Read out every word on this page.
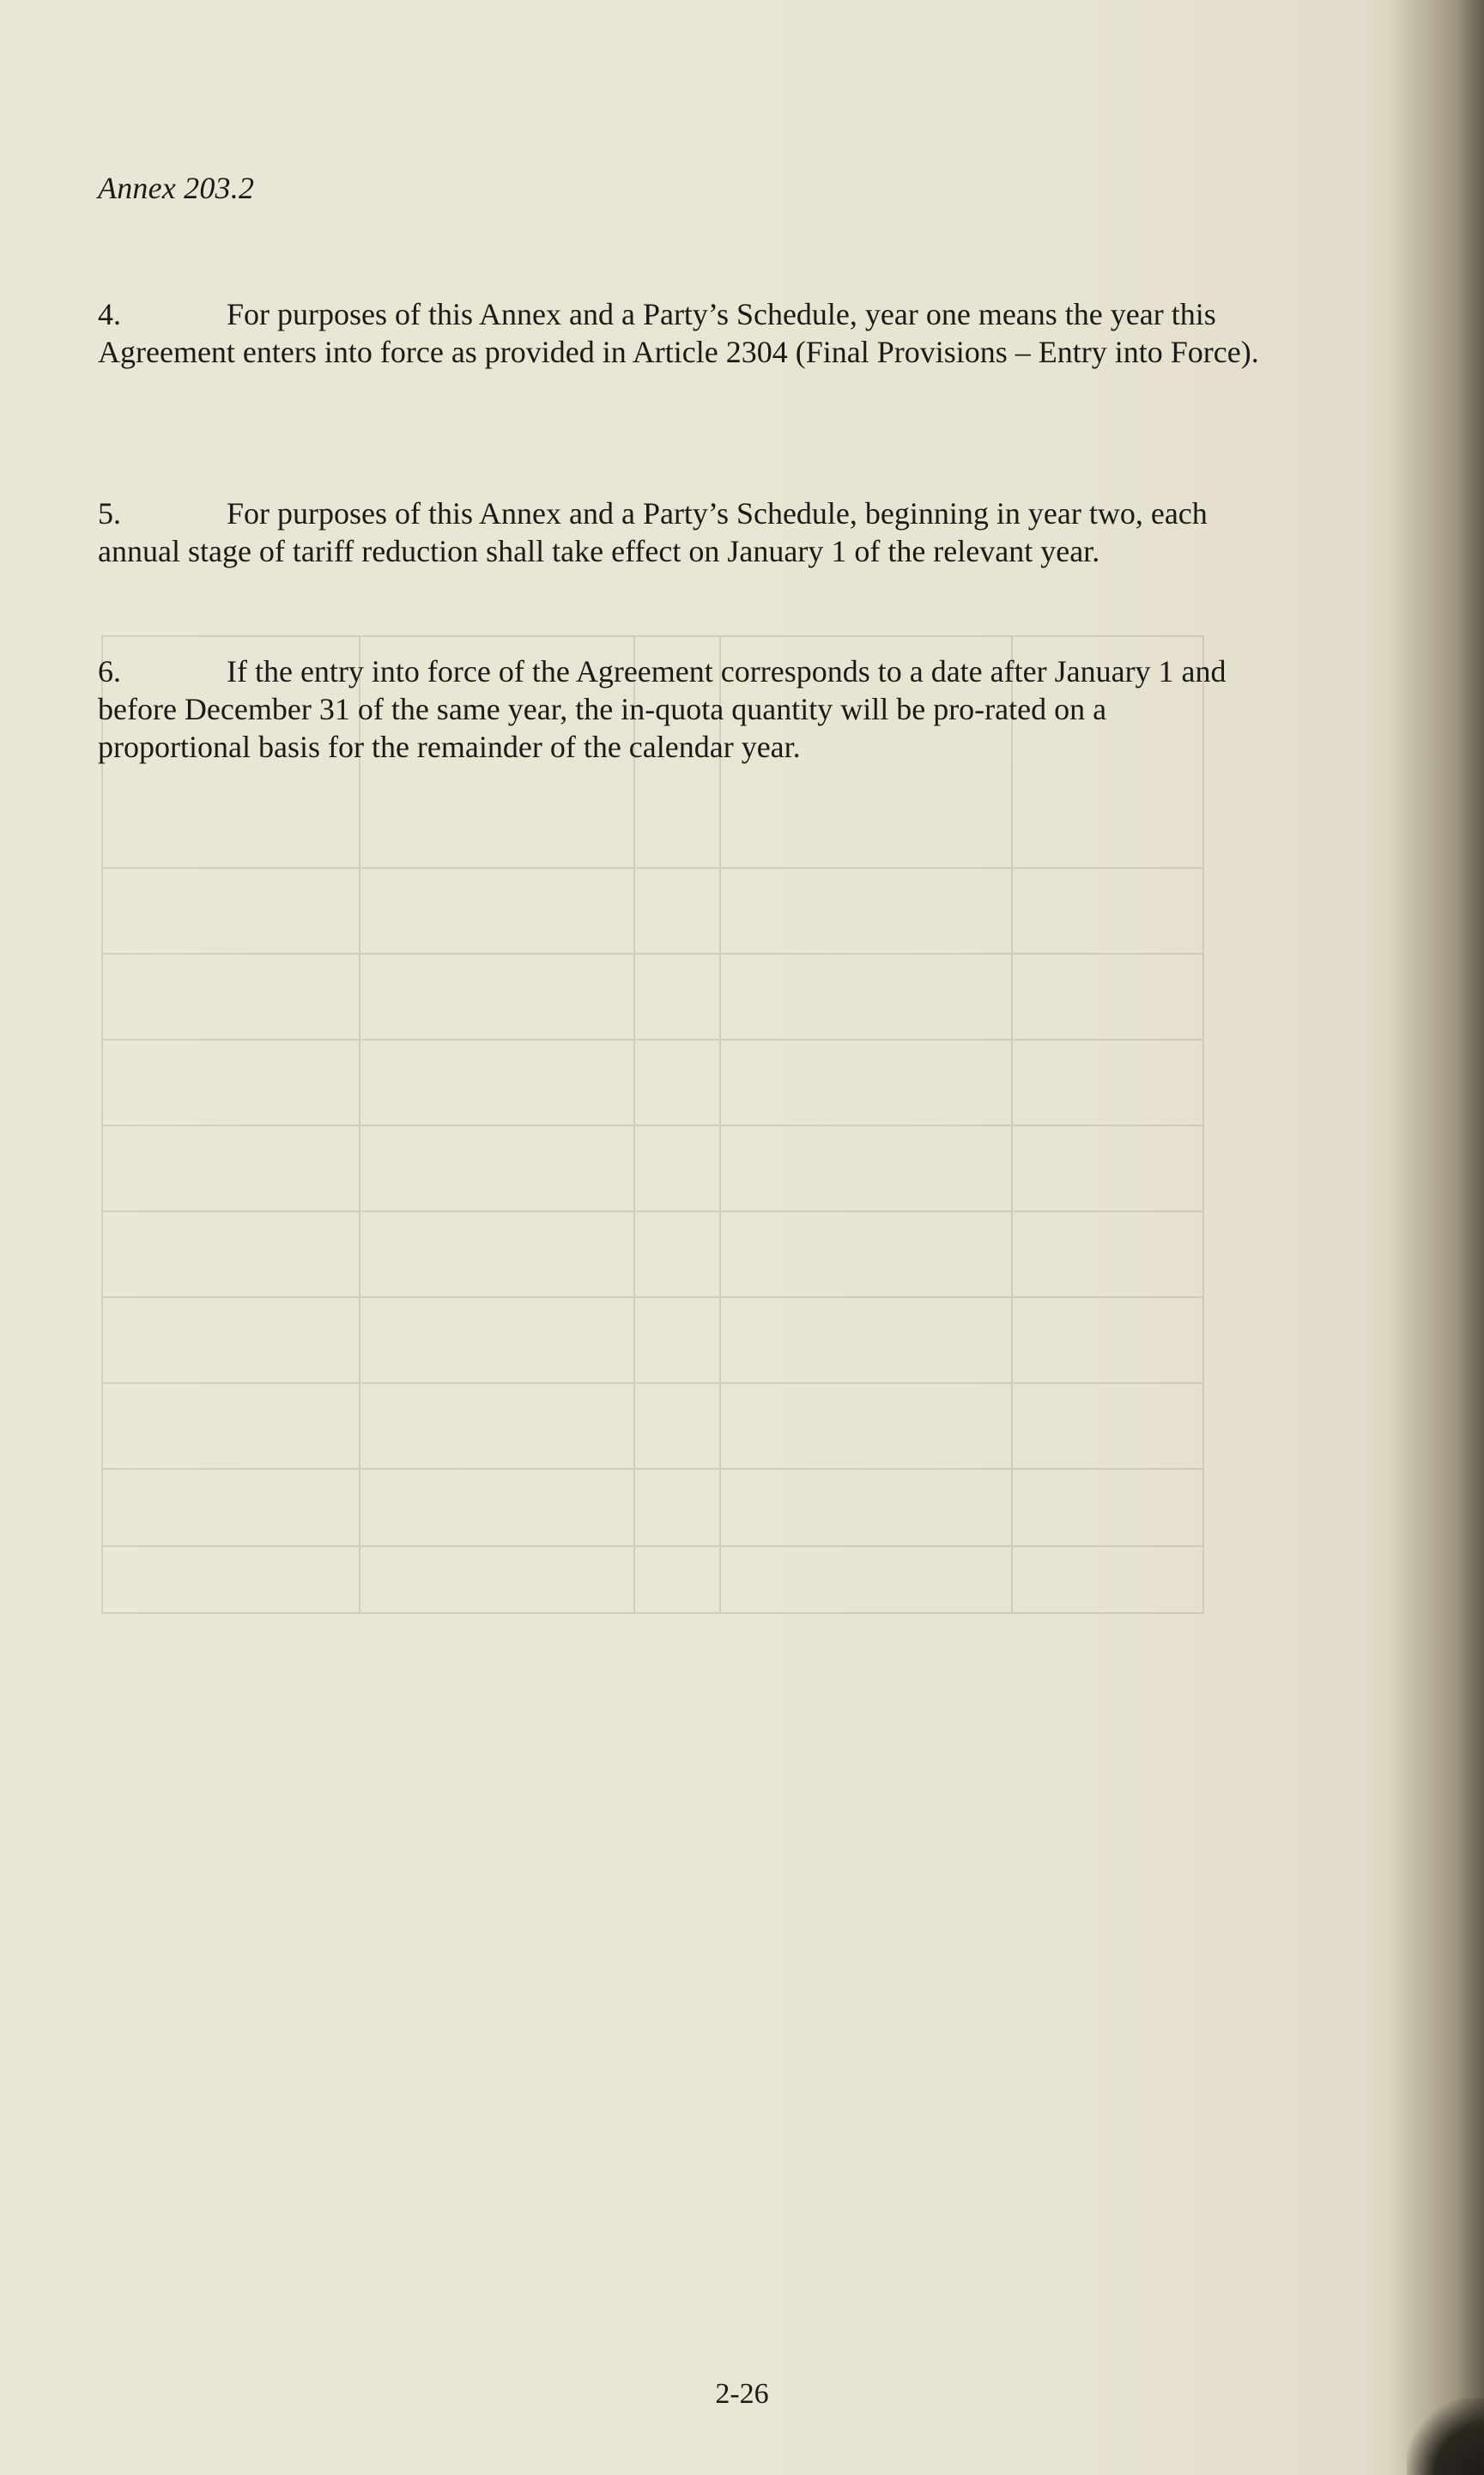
Annex 203.2
4.	For purposes of this Annex and a Party’s Schedule, year one means the year this Agreement enters into force as provided in Article 2304 (Final Provisions – Entry into Force).
5.	For purposes of this Annex and a Party’s Schedule, beginning in year two, each annual stage of tariff reduction shall take effect on January 1 of the relevant year.
6.	If the entry into force of the Agreement corresponds to a date after January 1 and before December 31 of the same year, the in-quota quantity will be pro-rated on a proportional basis for the remainder of the calendar year.
2-26
